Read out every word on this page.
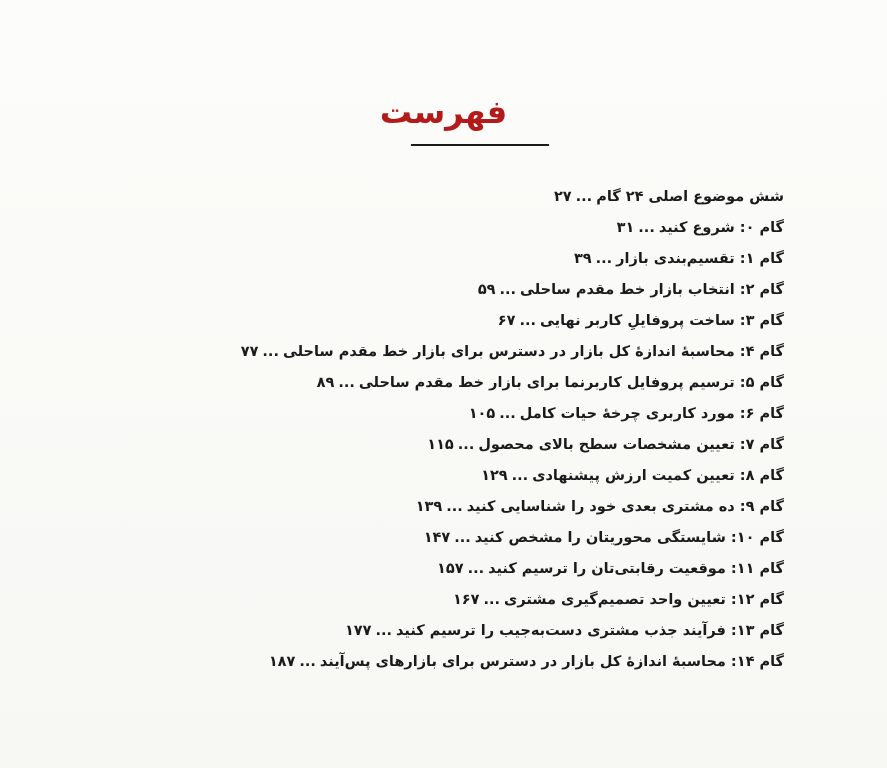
فهرست
شش موضوع اصلی ۲۴ گام...۲۷
گام ۰: شروع کنید...۳۱
گام ۱: تقسیم‌بندی بازار...۳۹
گام ۲: انتخاب بازار خط مقدم ساحلی...۵۹
گام ۳: ساخت پروفایلِ کاربر نهایی...۶۷
گام ۴: محاسبهٔ اندازهٔ کل بازار در دسترس برای بازار خط مقدم ساحلی...۷۷
گام ۵: ترسیم پروفایل کاربرنما برای بازار خط مقدم ساحلی...۸۹
گام ۶: مورد کاربری چرخهٔ حیات کامل...۱۰۵
گام ۷: تعیین مشخصات سطح بالای محصول...۱۱۵
گام ۸: تعیین کمیت ارزش پیشنهادی...۱۲۹
گام ۹: ده مشتری بعدی خود را شناسایی کنید...۱۳۹
گام ۱۰: شایستگی محوریتان را مشخص کنید...۱۴۷
گام ۱۱: موقعیت رقابتی‌تان را ترسیم کنید...۱۵۷
گام ۱۲: تعیین واحد تصمیم‌گیری مشتری...۱۶۷
گام ۱۳: فرآیند جذب مشتری دست‌به‌جیب را ترسیم کنید...۱۷۷
گام ۱۴: محاسبهٔ اندازهٔ کل بازار در دسترس برای بازارهای پس‌آیند...۱۸۷
